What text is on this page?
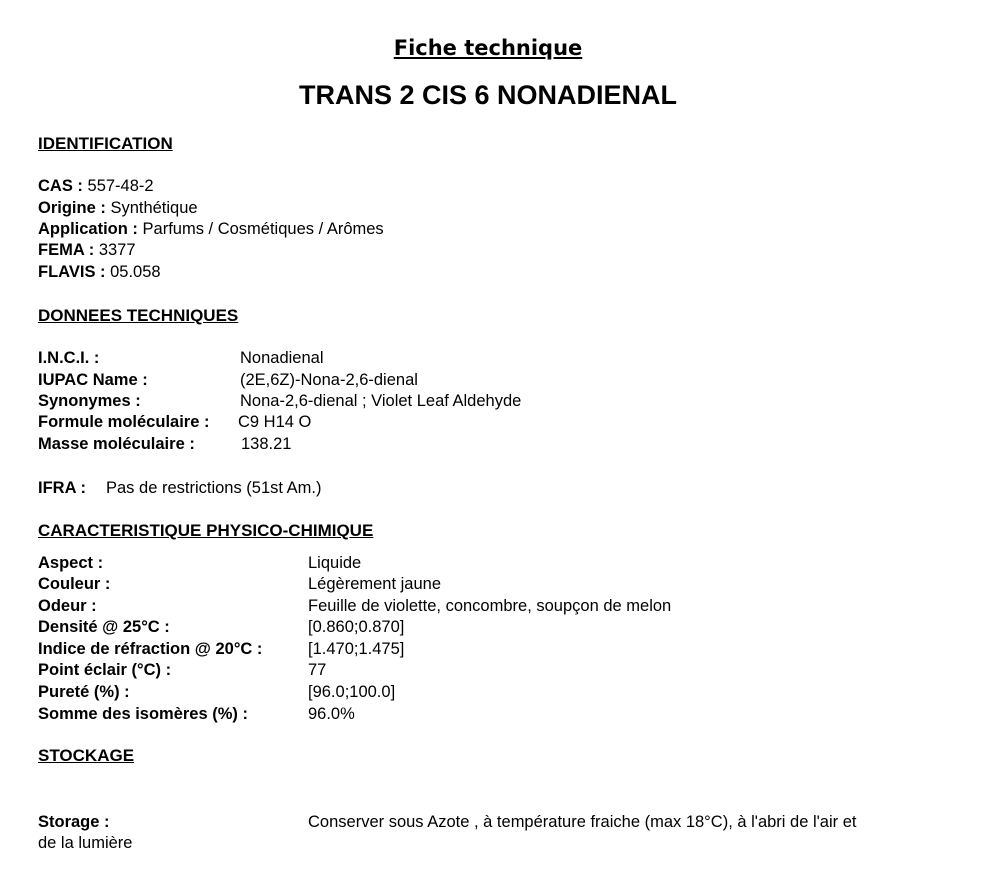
Fiche technique
TRANS 2 CIS 6 NONADIENAL
IDENTIFICATION
CAS : 557-48-2
Origine : Synthétique
Application : Parfums / Cosmétiques / Arômes
FEMA : 3377
FLAVIS : 05.058
DONNEES TECHNIQUES
I.N.C.I. :	Nonadienal
IUPAC Name :	(2E,6Z)-Nona-2,6-dienal
Synonymes :	Nona-2,6-dienal ; Violet Leaf Aldehyde
Formule moléculaire : C9 H14 O
Masse moléculaire :	138.21
IFRA : Pas de restrictions (51st Am.)
CARACTERISTIQUE PHYSICO-CHIMIQUE
Aspect :	Liquide
Couleur :	Légèrement jaune
Odeur :	Feuille de violette, concombre, soupçon de melon
Densité @ 25°C :	[0.860;0.870]
Indice de réfraction @ 20°C :	[1.470;1.475]
Point éclair (°C) :	77
Pureté (%) :	[96.0;100.0]
Somme des isomères (%) :	96.0%
STOCKAGE
Storage :	Conserver sous Azote , à température fraiche (max 18°C), à l'abri de l'air et
de la lumière
